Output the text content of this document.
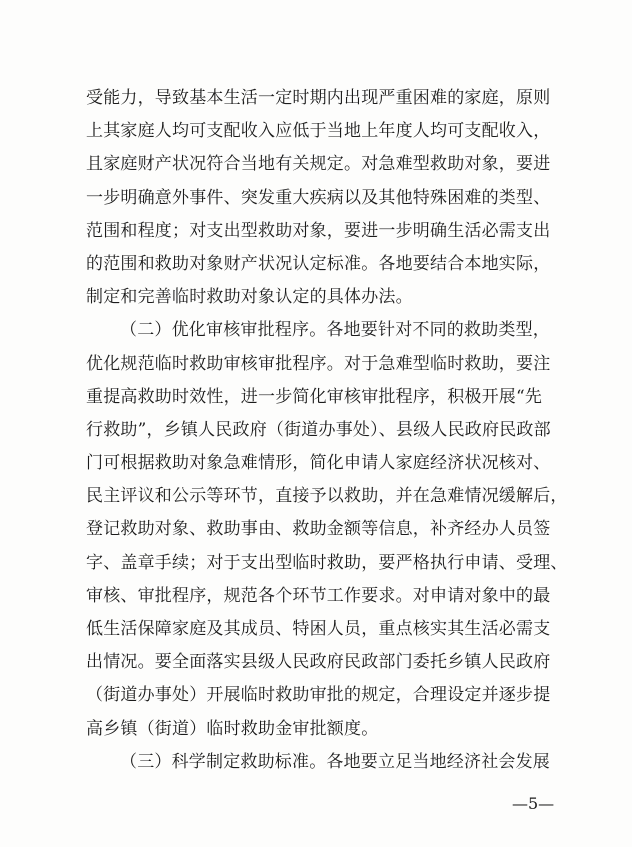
受能力，导致基本生活一定时期内出现严重困难的家庭，原则
上其家庭人均可支配收入应低于当地上年度人均可支配收入，
且家庭财产状况符合当地有关规定。对急难型救助对象，要进
一步明确意外事件、突发重大疾病以及其他特殊困难的类型、
范围和程度；对支出型救助对象，要进一步明确生活必需支出
的范围和救助对象财产状况认定标准。各地要结合本地实际，
制定和完善临时救助对象认定的具体办法。
（二）优化审核审批程序。各地要针对不同的救助类型，
优化规范临时救助审核审批程序。对于急难型临时救助，要注
重提高救助时效性，进一步简化审核审批程序，积极开展“先
行救助”，乡镇人民政府（街道办事处）、县级人民政府民政部
门可根据救助对象急难情形，简化申请人家庭经济状况核对、
民主评议和公示等环节，直接予以救助，并在急难情况缓解后，
登记救助对象、救助事由、救助金额等信息，补齐经办人员签
字、盖章手续；对于支出型临时救助，要严格执行申请、受理、
审核、审批程序，规范各个环节工作要求。对申请对象中的最
低生活保障家庭及其成员、特困人员，重点核实其生活必需支
出情况。要全面落实县级人民政府民政部门委托乡镇人民政府
（街道办事处）开展临时救助审批的规定，合理设定并逐步提
高乡镇（街道）临时救助金审批额度。
（三）科学制定救助标准。各地要立足当地经济社会发展
—5—
